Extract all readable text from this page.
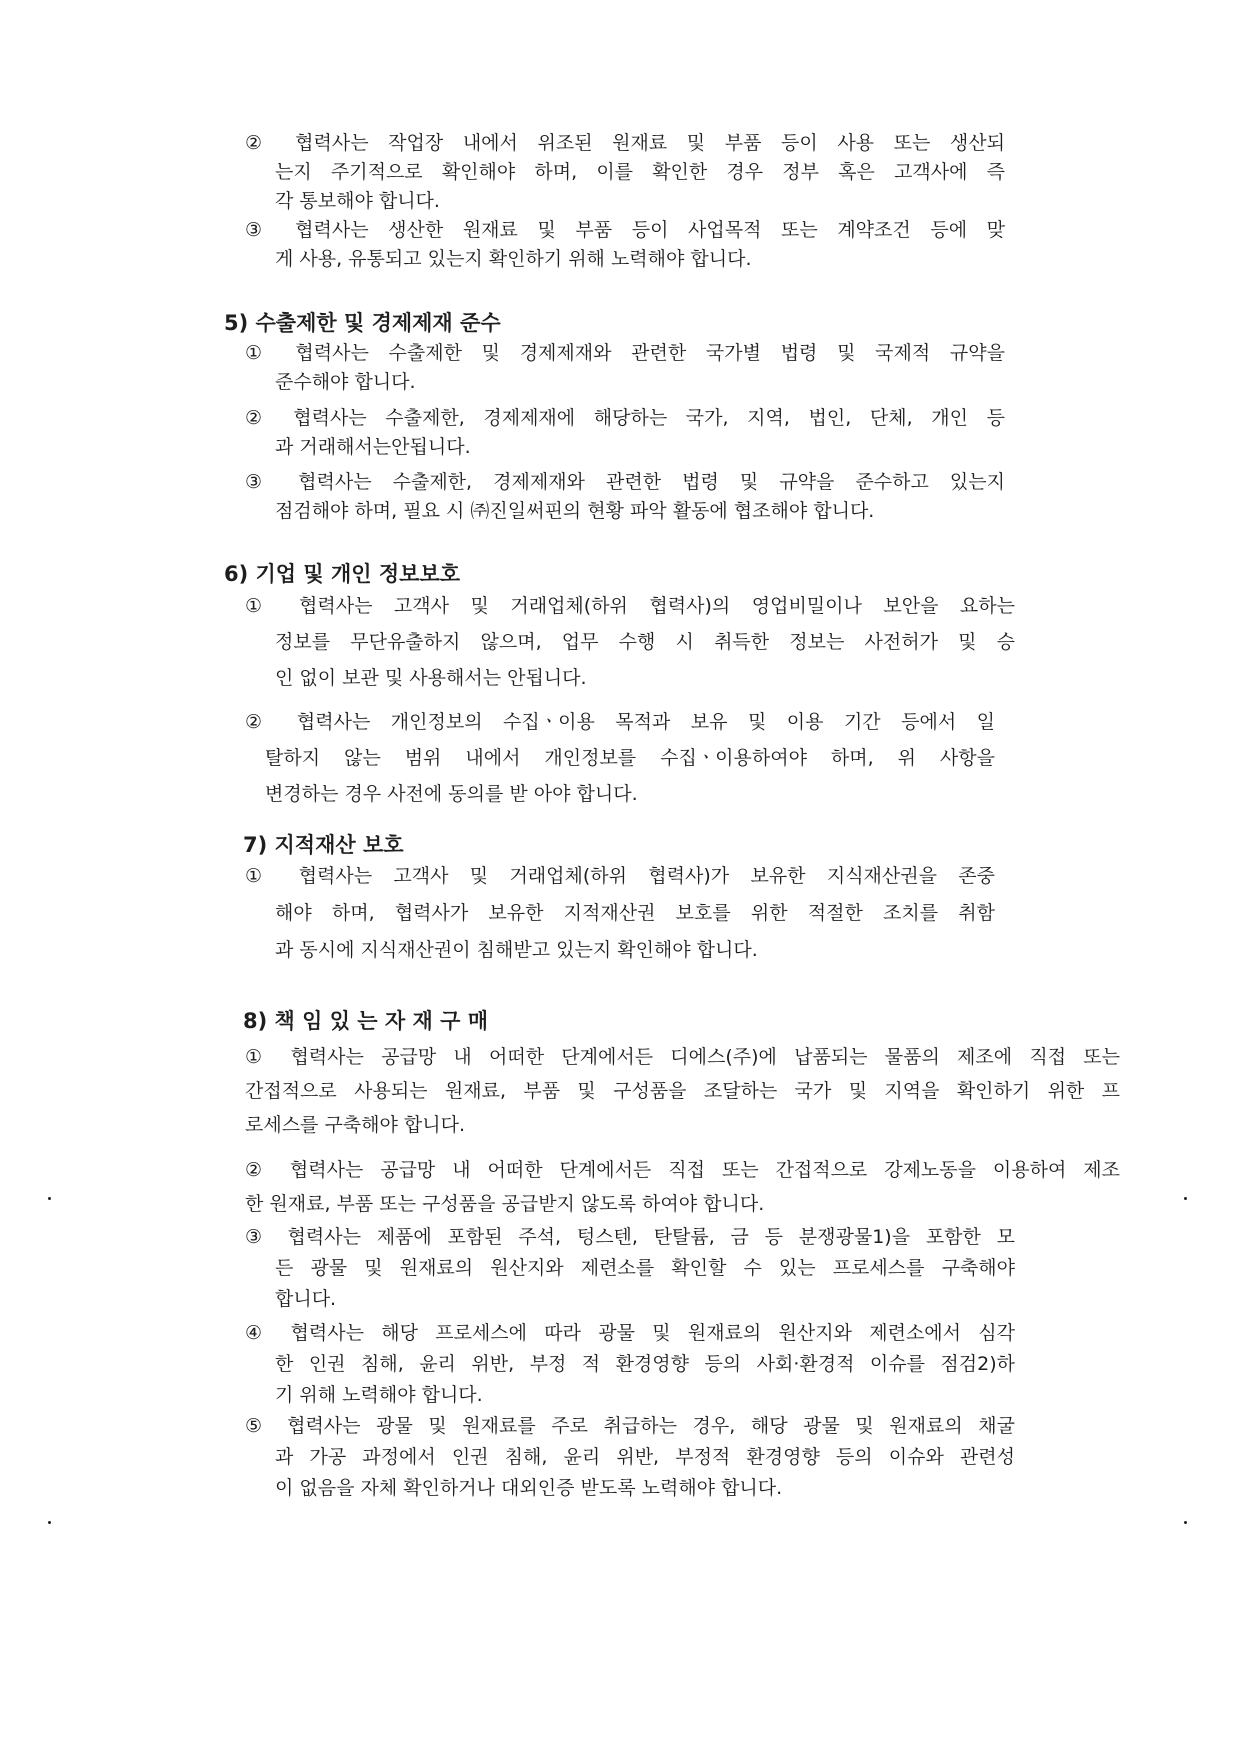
② 협력사는 작업장 내에서 위조된 원재료 및 부품 등이 사용 또는 생산되
는지 주기적으로 확인해야 하며, 이를 확인한 경우 정부 혹은 고객사에 즉
각 통보해야 합니다.
③ 협력사는 생산한 원재료 및 부품 등이 사업목적 또는 계약조건 등에 맞
게 사용, 유통되고 있는지 확인하기 위해 노력해야 합니다.
5) 수출제한 및 경제제재 준수
① 협력사는 수출제한 및 경제제재와 관련한 국가별 법령 및 국제적 규약을
준수해야 합니다.
② 협력사는 수출제한, 경제제재에 해당하는 국가, 지역, 법인, 단체, 개인 등
과 거래해서는안됩니다.
③ 협력사는 수출제한, 경제제재와 관련한 법령 및 규약을 준수하고 있는지
점검해야 하며, 필요 시 ㈜진일써핀의 현황 파악 활동에 협조해야 합니다.
6) 기업 및 개인 정보보호
① 협력사는 고객사 및 거래업체(하위 협력사)의 영업비밀이나 보안을 요하는
정보를 무단유출하지 않으며, 업무 수행 시 취득한 정보는 사전허가 및 승
인 없이 보관 및 사용해서는 안됩니다.
② 협력사는 개인정보의 수집ㆍ이용 목적과 보유 및 이용 기간 등에서 일
탈하지 않는 범위 내에서 개인정보를 수집ㆍ이용하여야 하며, 위 사항을
변경하는 경우 사전에 동의를 받 아야 합니다.
7) 지적재산 보호
① 협력사는 고객사 및 거래업체(하위 협력사)가 보유한 지식재산권을 존중
해야 하며, 협력사가 보유한 지적재산권 보호를 위한 적절한 조치를 취함
과 동시에 지식재산권이 침해받고 있는지 확인해야 합니다.
8) 책 임 있 는 자 재 구 매
① 협력사는 공급망 내 어떠한 단계에서든 디에스(주)에 납품되는 물품의 제조에 직접 또는
간접적으로 사용되는 원재료, 부품 및 구성품을 조달하는 국가 및 지역을 확인하기 위한 프
로세스를 구축해야 합니다.
② 협력사는 공급망 내 어떠한 단계에서든 직접 또는 간접적으로 강제노동을 이용하여 제조
한 원재료, 부품 또는 구성품을 공급받지 않도록 하여야 합니다.
③ 협력사는 제품에 포함된 주석, 텅스텐, 탄탈륨, 금 등 분쟁광물1)을 포함한 모
든 광물 및 원재료의 원산지와 제련소를 확인할 수 있는 프로세스를 구축해야
합니다.
④ 협력사는 해당 프로세스에 따라 광물 및 원재료의 원산지와 제련소에서 심각
한 인권 침해, 윤리 위반, 부정 적 환경영향 등의 사회·환경적 이슈를 점검2)하
기 위해 노력해야 합니다.
⑤ 협력사는 광물 및 원재료를 주로 취급하는 경우, 해당 광물 및 원재료의 채굴
과 가공 과정에서 인권 침해, 윤리 위반, 부정적 환경영향 등의 이슈와 관련성
이 없음을 자체 확인하거나 대외인증 받도록 노력해야 합니다.
